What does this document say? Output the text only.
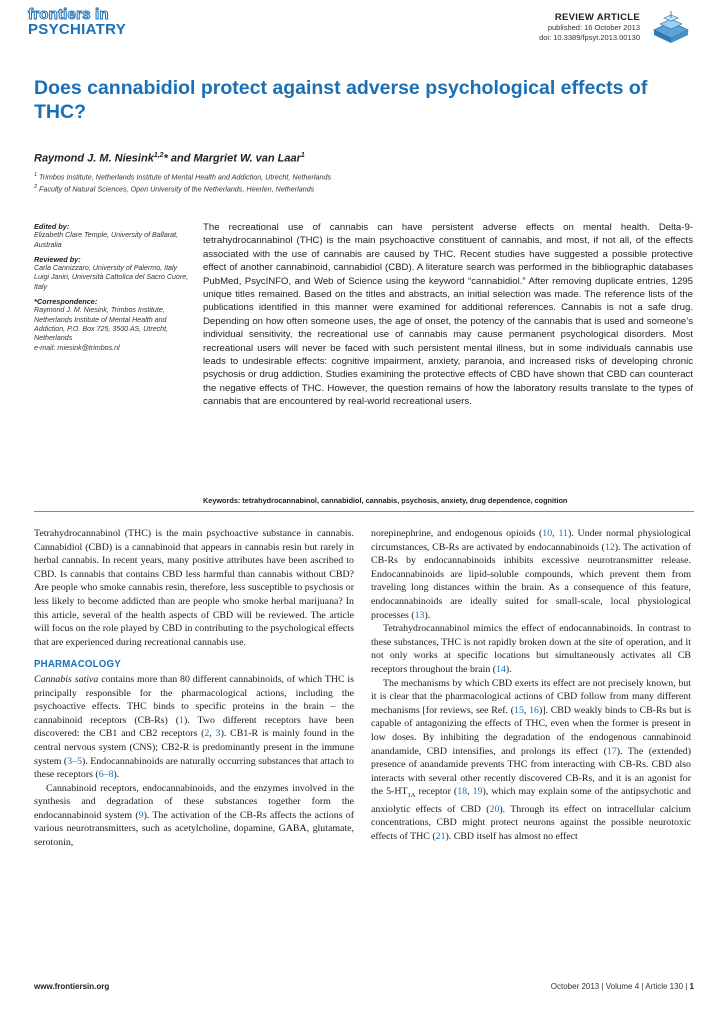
frontiers in
PSYCHIATRY
REVIEW ARTICLE
published: 16 October 2013
doi: 10.3389/fpsyt.2013.00130
Does cannabidiol protect against adverse psychological effects of THC?
Raymond J. M. Niesink$^{1,2}$* and Margriet W. van Laar$^1$
$^1$ Trimbos Institute, Netherlands Institute of Mental Health and Addiction, Utrecht, Netherlands
$^2$ Faculty of Natural Sciences, Open University of the Netherlands, Heerlen, Netherlands

Edited by:

Elizabeth Clare Temple, University of Ballarat, Australia

Reviewed by:

Carla Cannizzaro, University of Palermo, Italy

Luigi Janiri, Università Cattolica del Sacro Cuore, Italy

*Correspondence:

Raymond J. M. Niesink, Trimbos Institute, Netherlands Institute of Mental Health and Addiction, P.O. Box 725, 3500 AS, Utrecht, Netherlands

e-mail: rniesink@trimbos.nl

The recreational use of cannabis can have persistent adverse effects on mental health. Delta-9-tetrahydrocannabinol (THC) is the main psychoactive constituent of cannabis, and most, if not all, of the effects associated with the use of cannabis are caused by THC. Recent studies have suggested a possible protective effect of another cannabinoid, cannabidiol (CBD). A literature search was performed in the bibliographic databases PubMed, PsycINFO, and Web of Science using the keyword “cannabidiol.” After removing duplicate entries, 1295 unique titles remained. Based on the titles and abstracts, an initial selection was made. The reference lists of the publications identified in this manner were examined for additional references. Cannabis is not a safe drug. Depending on how often someone uses, the age of onset, the potency of the cannabis that is used and someone’s individual sensitivity, the recreational use of cannabis may cause permanent psychological disorders. Most recreational users will never be faced with such persistent mental illness, but in some individuals cannabis use leads to undesirable effects: cognitive impairment, anxiety, paranoia, and increased risks of developing chronic psychosis or drug addiction. Studies examining the protective effects of CBD have shown that CBD can counteract the negative effects of THC. However, the question remains of how the laboratory results translate to the types of cannabis that are encountered by real-world recreational users.
Keywords: tetrahydrocannabinol, cannabidiol, cannabis, psychosis, anxiety, drug dependence, cognition

Tetrahydrocannabinol (THC) is the main psychoactive substance in cannabis. Cannabidiol (CBD) is a cannabinoid that appears in cannabis resin but rarely in herbal cannabis. In recent years, many positive attributes have been ascribed to CBD. Is cannabis that contains CBD less harmful than cannabis without CBD? Are people who smoke cannabis resin, therefore, less susceptible to psychosis or less likely to become addicted than are people who smoke herbal marijuana? In this article, several of the health aspects of CBD will be reviewed. The article will focus on the role played by CBD in contributing to the psychological effects that are experienced during recreational cannabis use.

PHARMACOLOGY

Cannabis sativa contains more than 80 different cannabinoids, of which THC is principally responsible for the pharmacological actions, including the psychoactive effects. THC binds to specific proteins in the brain – the cannabinoid receptors (CB-Rs) (1). Two different receptors have been discovered: the CB1 and CB2 receptors (2, 3). CB1-R is mainly found in the central nervous system (CNS); CB2-R is predominantly present in the immune system (3–5). Endocannabinoids are naturally occurring substances that attach to these receptors (6–8).

Cannabinoid receptors, endocannabinoids, and the enzymes involved in the synthesis and degradation of these substances together form the endocannabinoid system (9). The activation of the CB-Rs affects the actions of various neurotransmitters, such as acetylcholine, dopamine, GABA, glutamate, serotonin,

norepinephrine, and endogenous opioids (10, 11). Under normal physiological circumstances, CB-Rs are activated by endocannabinoids (12). The activation of CB-Rs by endocannabinoids inhibits excessive neurotransmitter release. Endocannabinoids are lipid-soluble compounds, which prevent them from traveling long distances within the brain. As a consequence of this feature, endocannabinoids are ideally suited for small-scale, local physiological processes (13).

Tetrahydrocannabinol mimics the effect of endocannabinoids. In contrast to these substances, THC is not rapidly broken down at the site of operation, and it not only works at specific locations but simultaneously activates all CB receptors throughout the brain (14).

The mechanisms by which CBD exerts its effect are not precisely known, but it is clear that the pharmacological actions of CBD follow from many different mechanisms [for reviews, see Ref. (15, 16)]. CBD weakly binds to CB-Rs but is capable of antagonizing the effects of THC, even when the former is present in low doses. By inhibiting the degradation of the endogenous cannabinoid anandamide, CBD intensifies, and prolongs its effect (17). The (extended) presence of anandamide prevents THC from interacting with CB-Rs. CBD also interacts with several other recently discovered CB-Rs, and it is an agonist for the $5-HT_{1A}$ receptor (18, 19), which may explain some of the antipsychotic and anxiolytic effects of CBD (20). Through its effect on intracellular calcium concentrations, CBD might protect neurons against the possible neurotoxic effects of THC (21). CBD itself has almost no effect

www.frontiersin.org	October 2013 | Volume 4 | Article 130 | 1
